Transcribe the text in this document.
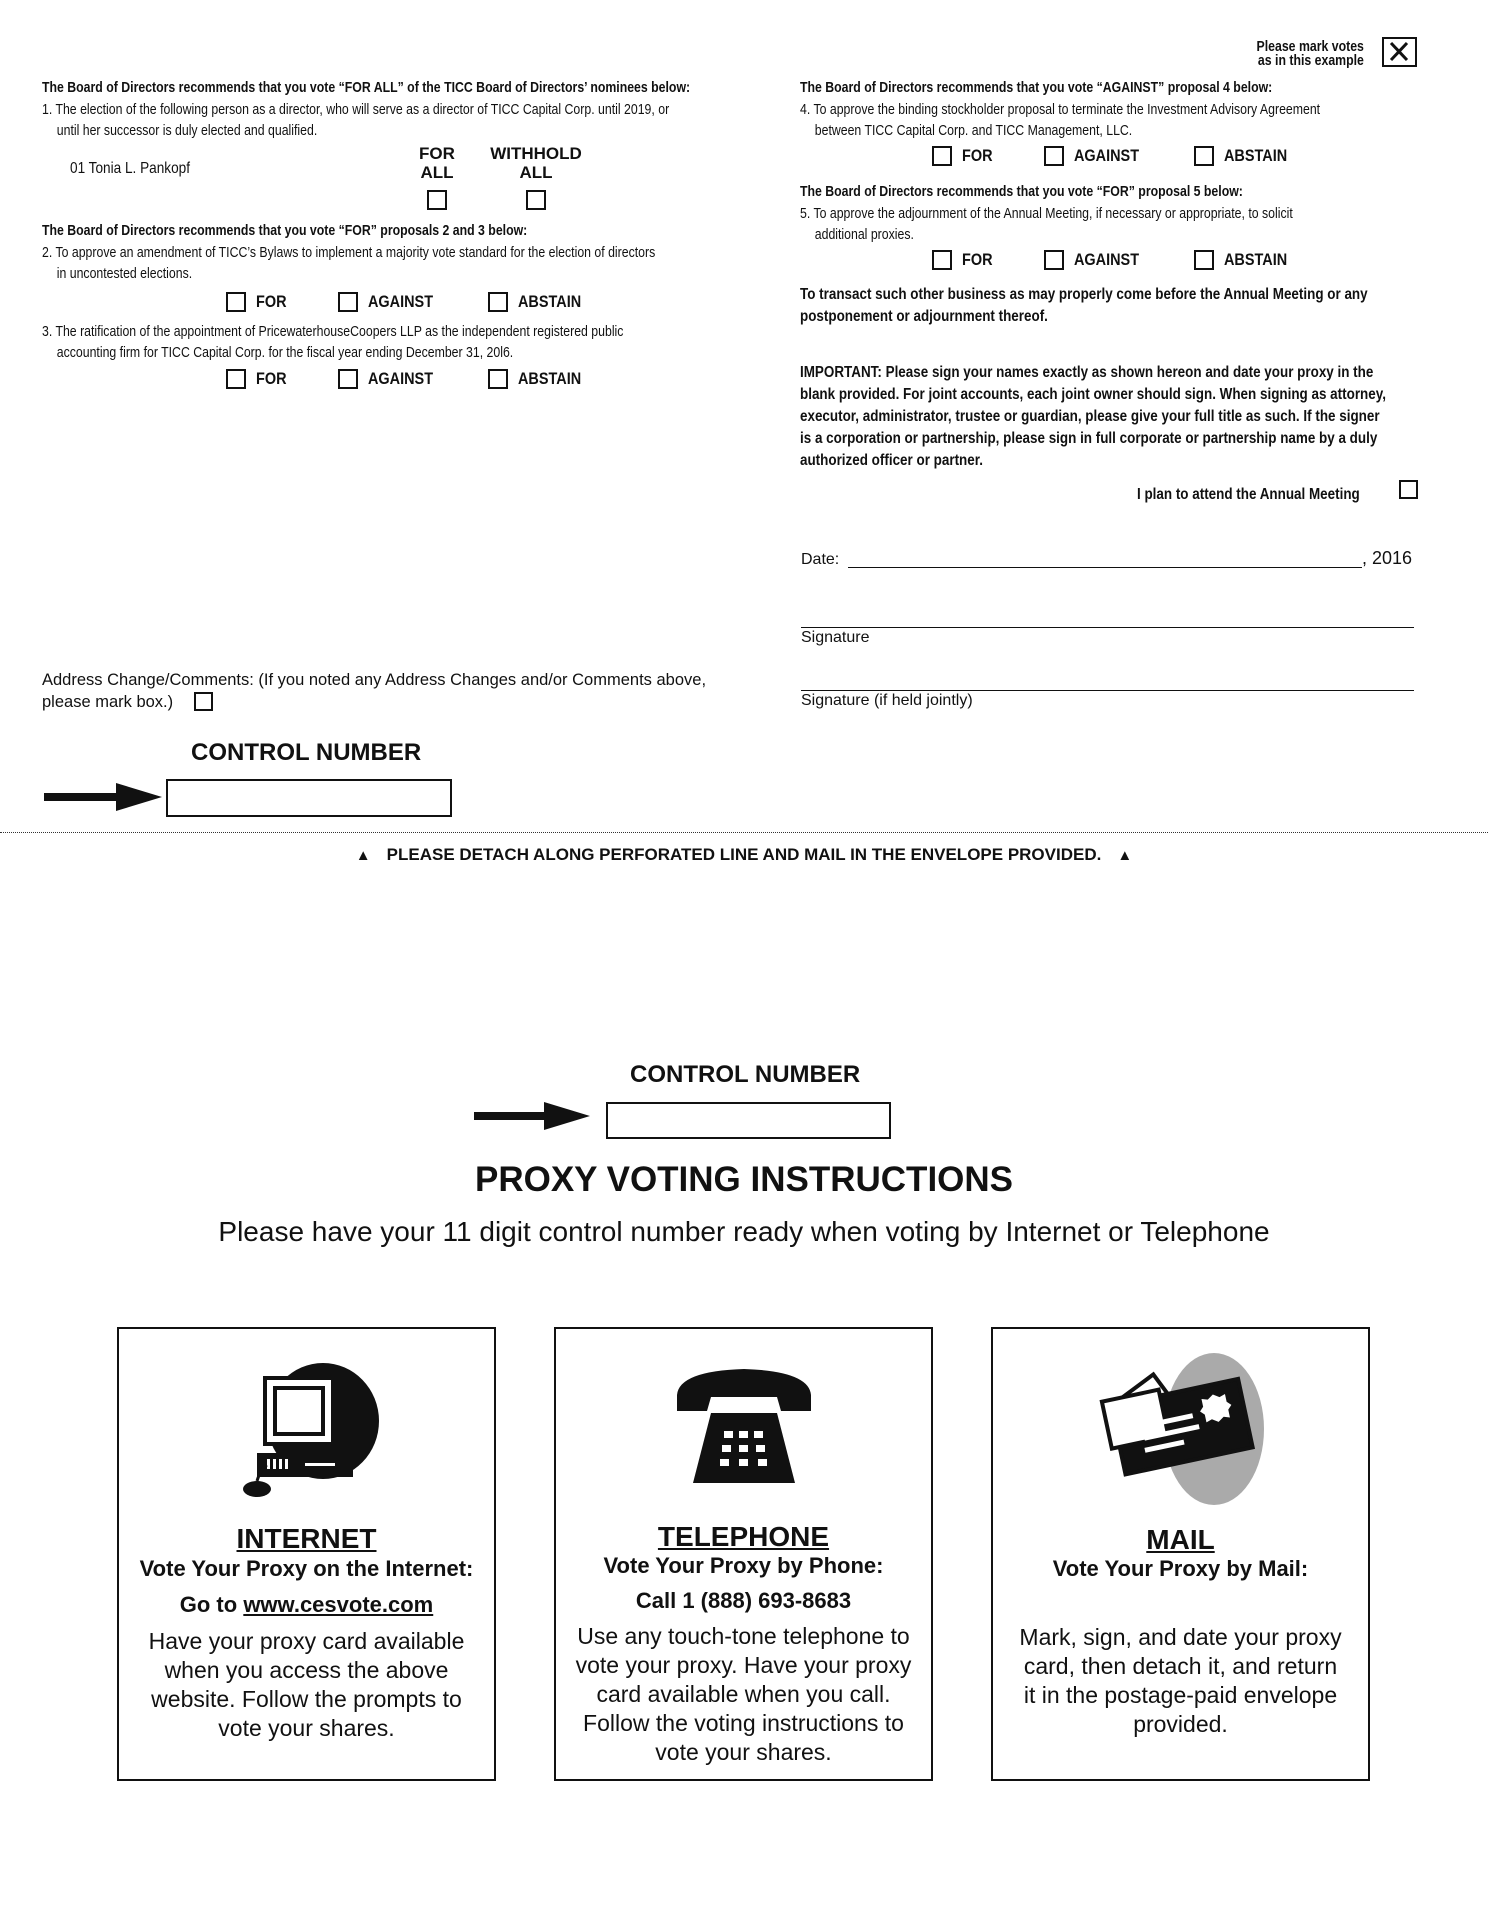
Please mark votes
as in this example
The Board of Directors recommends that you vote “FOR ALL” of the TICC Board of Directors’ nominees below:
1. The election of the following person as a director, who will serve as a director of TICC Capital Corp. until 2019, or
until her successor is duly elected and qualified.
01 Tonia L. Pankopf
FOR
ALL
WITHHOLD
ALL
The Board of Directors recommends that you vote “FOR” proposals 2 and 3 below:
2. To approve an amendment of TICC’s Bylaws to implement a majority vote standard for the election of directors
in uncontested elections.
FOR	AGAINST	ABSTAIN
3. The ratification of the appointment of PricewaterhouseCoopers LLP as the independent registered public
accounting firm for TICC Capital Corp. for the fiscal year ending December 31, 20l6.
FOR	AGAINST	ABSTAIN
Address Change/Comments: (If you noted any Address Changes and/or Comments above,
please mark box.)
CONTROL NUMBER
The Board of Directors recommends that you vote “AGAINST” proposal 4 below:
4. To approve the binding stockholder proposal to terminate the Investment Advisory Agreement
between TICC Capital Corp. and TICC Management, LLC.
FOR	AGAINST	ABSTAIN
The Board of Directors recommends that you vote “FOR” proposal 5 below:
5. To approve the adjournment of the Annual Meeting, if necessary or appropriate, to solicit
additional proxies.
FOR	AGAINST	ABSTAIN
To transact such other business as may properly come before the Annual Meeting or any
postponement or adjournment thereof.
IMPORTANT: Please sign your names exactly as shown hereon and date your proxy in the
blank provided. For joint accounts, each joint owner should sign. When signing as attorney,
executor, administrator, trustee or guardian, please give your full title as such. If the signer
is a corporation or partnership, please sign in full corporate or partnership name by a duly
authorized officer or partner.
I plan to attend the Annual Meeting
Date:	, 2016
Signature
Signature (if held jointly)
▲ PLEASE DETACH ALONG PERFORATED LINE AND MAIL IN THE ENVELOPE PROVIDED. ▲
CONTROL NUMBER
PROXY VOTING INSTRUCTIONS
Please have your 11 digit control number ready when voting by Internet or Telephone
INTERNET
Vote Your Proxy on the Internet:
Go to www.cesvote.com
Have your proxy card available
when you access the above
website. Follow the prompts to
vote your shares.
TELEPHONE
Vote Your Proxy by Phone:
Call 1 (888) 693-8683
Use any touch-tone telephone to
vote your proxy. Have your proxy
card available when you call.
Follow the voting instructions to
vote your shares.
MAIL
Vote Your Proxy by Mail:
Mark, sign, and date your proxy
card, then detach it, and return
it in the postage-paid envelope
provided.
